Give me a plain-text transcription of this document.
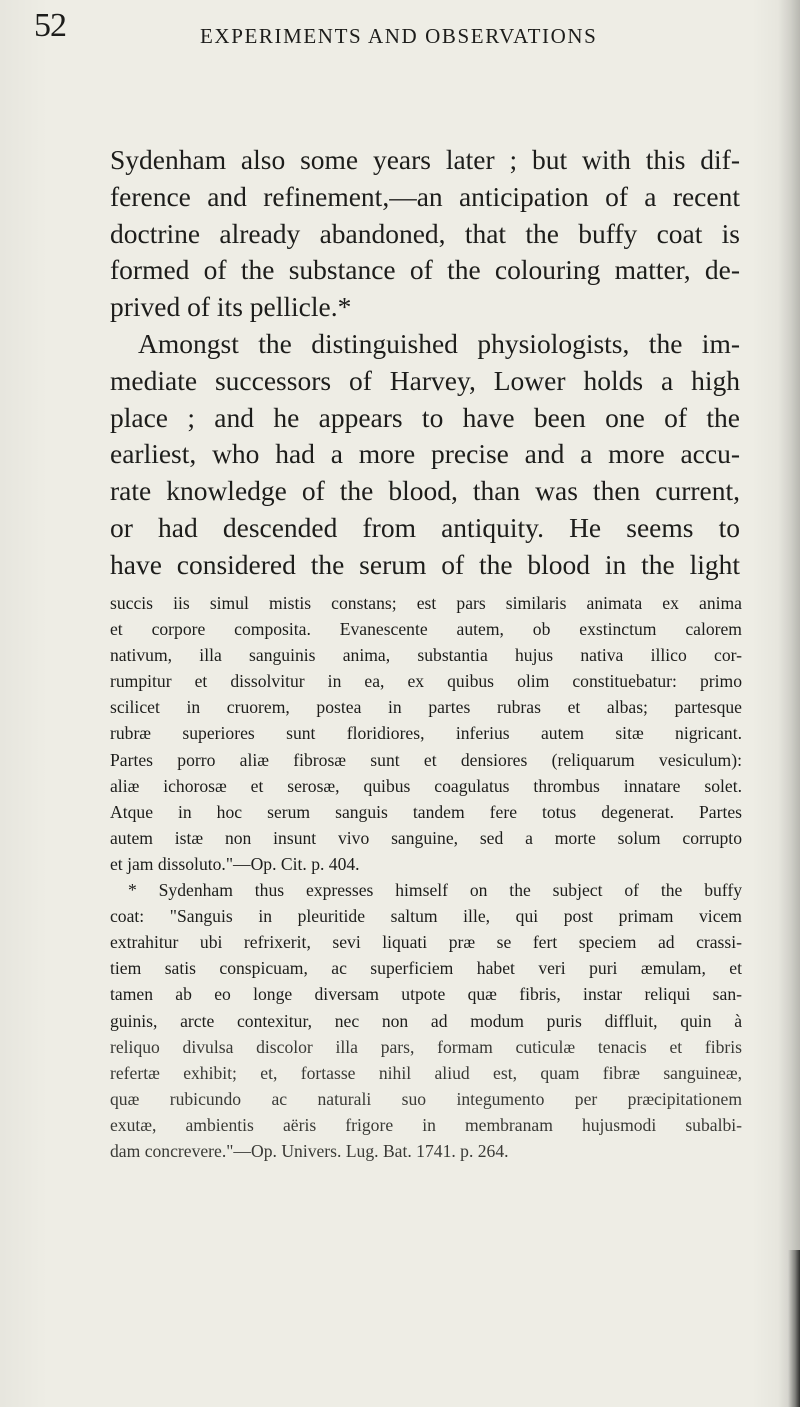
52	EXPERIMENTS AND OBSERVATIONS
Sydenham also some years later ; but with this dif-
ference and refinement,—an anticipation of a recent
doctrine already abandoned, that the buffy coat is
formed of the substance of the colouring matter, de-
prived of its pellicle.*
Amongst the distinguished physiologists, the im-
mediate successors of Harvey, Lower holds a high
place ; and he appears to have been one of the
earliest, who had a more precise and a more accu-
rate knowledge of the blood, than was then current,
or had descended from antiquity. He seems to
have considered the serum of the blood in the light
succis iis simul mistis constans; est pars similaris animata ex anima
et corpore composita. Evanescente autem, ob exstinctum calorem
nativum, illa sanguinis anima, substantia hujus nativa illico cor-
rumpitur et dissolvitur in ea, ex quibus olim constituebatur: primo
scilicet in cruorem, postea in partes rubras et albas; partesque
rubræ superiores sunt floridiores, inferius autem sitæ nigricant.
Partes porro aliæ fibrosæ sunt et densiores (reliquarum vesiculum):
aliæ ichorosæ et serosæ, quibus coagulatus thrombus innatare solet.
Atque in hoc serum sanguis tandem fere totus degenerat. Partes
autem istæ non insunt vivo sanguine, sed a morte solum corrupto
et jam dissoluto."—Op. Cit. p. 404.
* Sydenham thus expresses himself on the subject of the buffy
coat: "Sanguis in pleuritide saltum ille, qui post primam vicem
extrahitur ubi refrixerit, sevi liquati præ se fert speciem ad crassi-
tiem satis conspicuam, ac superficiem habet veri puri æmulam, et
tamen ab eo longe diversam utpote quæ fibris, instar reliqui san-
guinis, arcte contexitur, nec non ad modum puris diffluit, quin à
reliquo divulsa discolor illa pars, formam cuticulæ tenacis et fibris
refertæ exhibit; et, fortasse nihil aliud est, quam fibræ sanguineæ,
quæ rubicundo ac naturali suo integumento per præcipitationem
exutæ, ambientis aëris frigore in membranam hujusmodi subalbi-
dam concrevere."—Op. Univers. Lug. Bat. 1741. p. 264.
